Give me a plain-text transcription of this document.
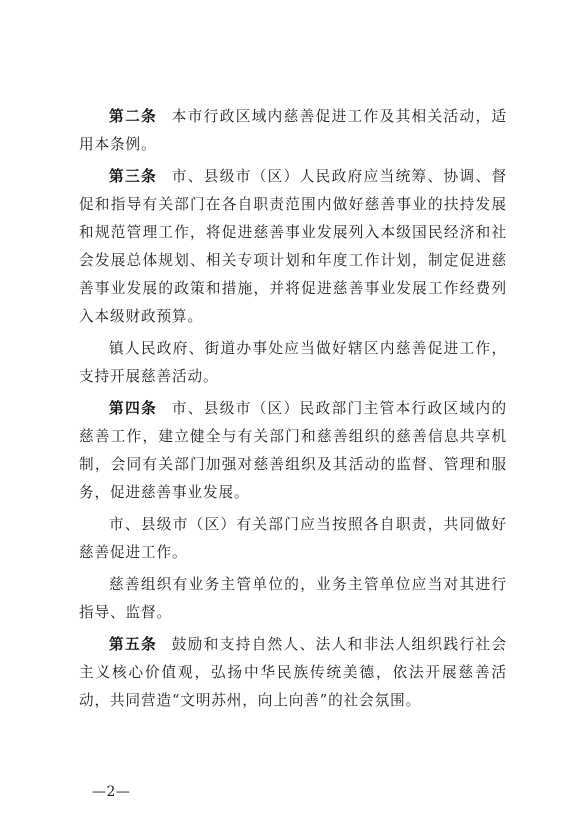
第二条 本市行政区域内慈善促进工作及其相关活动，适用本条例。

第三条 市、县级市（区）人民政府应当统筹、协调、督促和指导有关部门在各自职责范围内做好慈善事业的扶持发展和规范管理工作，将促进慈善事业发展列入本级国民经济和社会发展总体规划、相关专项计划和年度工作计划，制定促进慈善事业发展的政策和措施，并将促进慈善事业发展工作经费列入本级财政预算。

镇人民政府、街道办事处应当做好辖区内慈善促进工作，支持开展慈善活动。

第四条 市、县级市（区）民政部门主管本行政区域内的慈善工作，建立健全与有关部门和慈善组织的慈善信息共享机制，会同有关部门加强对慈善组织及其活动的监督、管理和服务，促进慈善事业发展。

市、县级市（区）有关部门应当按照各自职责，共同做好慈善促进工作。

慈善组织有业务主管单位的，业务主管单位应当对其进行指导、监督。

第五条 鼓励和支持自然人、法人和非法人组织践行社会主义核心价值观，弘扬中华民族传统美德，依法开展慈善活动，共同营造“文明苏州，向上向善”的社会氛围。

—2—
